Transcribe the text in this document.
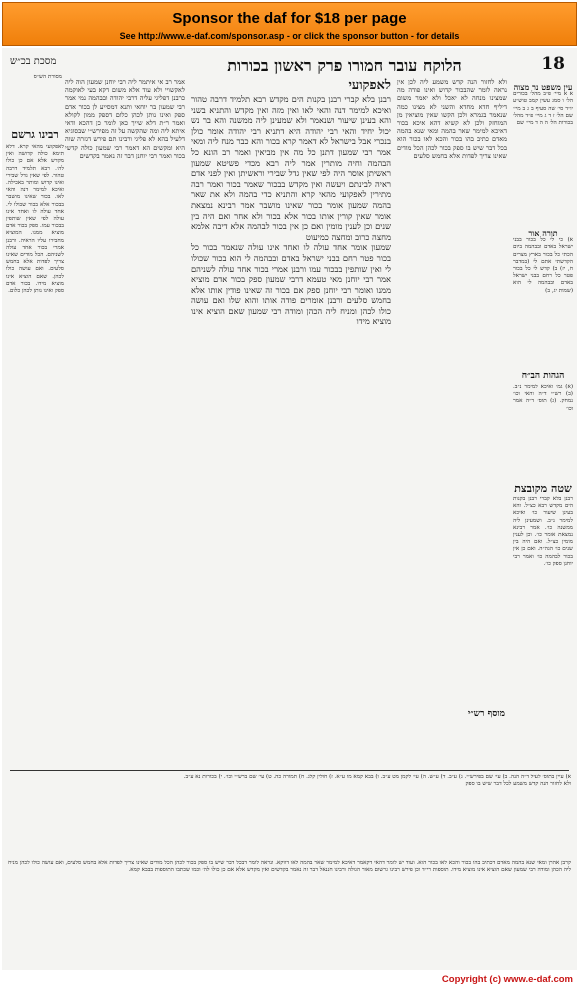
Sponsor the daf for $18 per page
See http://www.e-daf.com/sponsor.asp - or click the sponsor button - for details
מסכת בכ״ש	הלוקח עובר חמורו פרק ראשון בכורות	18

עין משפט נר מצוה

א א מיי׳ פ״ב מהל׳ בכורים הל׳ ו סמג עשין קמב טוש״ע יו״ד סי׳ שה סעיף ב ג ב מיי׳ שם הל׳ ז ד ג מיי׳ פ״ד מהל׳ בכורות הל׳ ה ה ד מיי׳ שם

תורה אור

א) כי לי כל בכור בבני ישראל באדם ובבהמה ביום הכתי כל בכור בארץ מצרים הקדשתי אתם לי (במדבר ח, יז) ב) קדש לי כל בכור פטר כל רחם בבני ישראל באדם ובבהמה לי הוא (שמות יג, ב)

הגהות הב״ח

(א) גמ׳ ואיכא למימר נ״ב. (ב) רש״י ד״ה והאי וכו׳ נמחק. (ג) תוס׳ ד״ה אמר וכו׳

שטה מקובצת

רבנן בלא קברי רבנן בקנות הים מקדש רבא כצ״ל. והא בעינן שיעור כו׳ ואיכא למימר נ״ב. ושמעינן ליה ממשנה כו׳. אמר רבינא נמצאת אומר כו׳. וכן לענין מומין כצ״ל. ואם היה בין שנים כו׳ הגה״ה. ואם כן אין בכור לבהמה כו׳ ואמר רבי יוחנן ספק כו׳.

ולא לחזור הנה קדש משמע ליה לכן אין נראה לומר שהבכור קדוש ואינו פודה מה שמצינו מנחה לא יאכל ולא יאמר משום דיליף חדא מחדא והשני לא מצינו כמה שנאמר בגמרא ולכן הקשו שאין מוציאין מן המוחזק ולכן לא קשיא דהא איכא בכור דאיכא למימר שאר בהמה ומאי שנא בהמה מאדם כתיב בהו בכור והכא לאו בכור הוא בכל דבר שיש בו ספק בכור לכהן הכל מודים שאינו צריך לפדות אלא בחמש סלעים

לאפקועי

רבנן בלא קברי רבנן בקנות הים מקדש רבא תלמיד דרבה טהור ואיכא למימר דנה והאי לאו ואין מזה ואין מקדש והתניא בשני והא בעינן שיעור ושנאמר ולא שמעינן ליה ממשנה והא בר נש יכול יחיד והאי רבי יהודה היא דתניא רבי יהודה אומר כולן בנכרי אבל בישראל לא דאמר קרא בכור והא כבר מנח ליה ומאי אמר רבי שמעון דתנן כל מה אין מביאין ואמר רב הונא כל הבהמה וחיה מותרין אמר ליה רבא מכדי פשיטא שמעון ראשיתן אוסר היה לפי שאין גדל שבירי וראשיתן ואין לפני אדם ראיה לבינתם ויעשה ואין מקדש בבכור שאמר בכור ואמר רבה מתירין לאפקועי מהאי קרא והתניא כדי בהמה ולא את שאר בהמה שמעון אומר בכור שאינו מושבר אמר רבינא נמצאת אומר שאין קורין אותו בכור אלא בכור ולא אחר ואם היה בין שנים וכן לענין מומין ואם כן אין בכור לבהמה אלא דיבה אלמא מחצה כרוב ומחצה כמיעוט

שמעון אומר אחד עולה לו ואחד אינו עולה שנאמר בכור כל בכור פטר רחם בבני ישראל באדם ובבהמה לי הוא בכור שכולו לי ואין שותפין בבכור עמו ורבנן אמרי בכור אחד עולה לשניהם אמר רבי יוחנן מאי טעמא דרבי שמעון ספק בכור אדם מוציא ממנו ואומר רבי יוחנן ספק אם בכור זה שאינו פודין אותו אלא בחמש סלעים ורבנן אומרים פודה אותו והוא שלו ואם עושה כולו לכהן ומניח ליה הכהן ומודה רבי שמעון שאם הוציא אינו מוציא מידו

מוסף רש״י

אמר רב אי איתמר ליה רבי יוחנן שמעון הוה ליה לאקשויי ולא עוד אלא משום דקא בעי לאוקמה כרבנן דפליגי עליה דרבי יהודה ובבהמה נמי אמר רבי שמעון בר יוחאי ותנא דמסייע לן בכור אדם ספק ואינו נותן לכהן כלום דספק ממון לקולא ואמר ר״ת דלא שייך כאן לומר כן דהכא ודאי איתא ליה ומה שהקשה על זה מפירש״י שבסוגיא דלעיל בהא לא פליגי ורבינו תם פירש דגזרה שוה היא ומקשים הא דאמר רבי שמעון כולה קדשי בכור ואמר רבי יוחנן דבר זה נאמר בקדשים

מסורת הש״ס

רבינו גרשם

לאפקועי מהאי קרא. דלא תימא כולה קדושה ואין מקדש אלא אם כן כולו לה׳. רבא תלמיד דרבה טהור. לפי שאין גדל שבירי ואינו קדוש ומותר באכילה. ואיכא למימר דנה והאי לאו. בכור שאינו מושבר בבכור אלא בכור שכולו לי. אחד עולה לו ואחד אינו עולה לפי שאין שותפין בבכור עמו. ספק בכור אדם מוציא ממנו. המוציא מחבירו עליו הראיה. ורבנן אמרי בכור אחד עולה לשניהם. הכל מודים שאינו צריך לפדות אלא בחמש סלעים. ואם עושה כולו לכהן. שאם הוציא אינו מוציא מידו. בכור אדם ספק ואינו נותן לכהן כלום.

א) עיין בתוס׳ לעיל ד״ה הנה. ב) עי׳ שם בפירש״י. ג) ע״ב. ד) ע״ש. ה) עי׳ לקמן מט ע״ב. ו) בבא קמא מו ע״א. ז) חולין קלג. ח) תמורה כה. ט) עי׳ שם ברש״י וכו׳. י) בכורות נא ע״ב.

ולא לחזור הנה קדש משמע לכל דבר שיש בו ספק

קרבן אהרן ומאי שנא בהמה מאדם דכתיב בהו בכור והכא לאו בכור הוא. ועוד יש לומר דהאי דקאמר דאיכא למימר שאר בהמה לאו דווקא. ונראה לומר דבכל דבר שיש בו ספק בכור לכהן הכל מודים שאינו צריך לפדות אלא בחמש סלעים, ואם עושה כולו לכהן מניח ליה הכהן ומודה רבי שמעון שאם הוציא אינו מוציא מידו. תוספות רי״ד וכן פירש רבינו גרשום מאור הגולה ורבינו חננאל דבר זה נאמר בקדשים ואין מקדש אלא אם כן כולו לה׳ וכמו שכתבו התוספות בבבא קמא.

Copyright (c) www.e-daf.com
